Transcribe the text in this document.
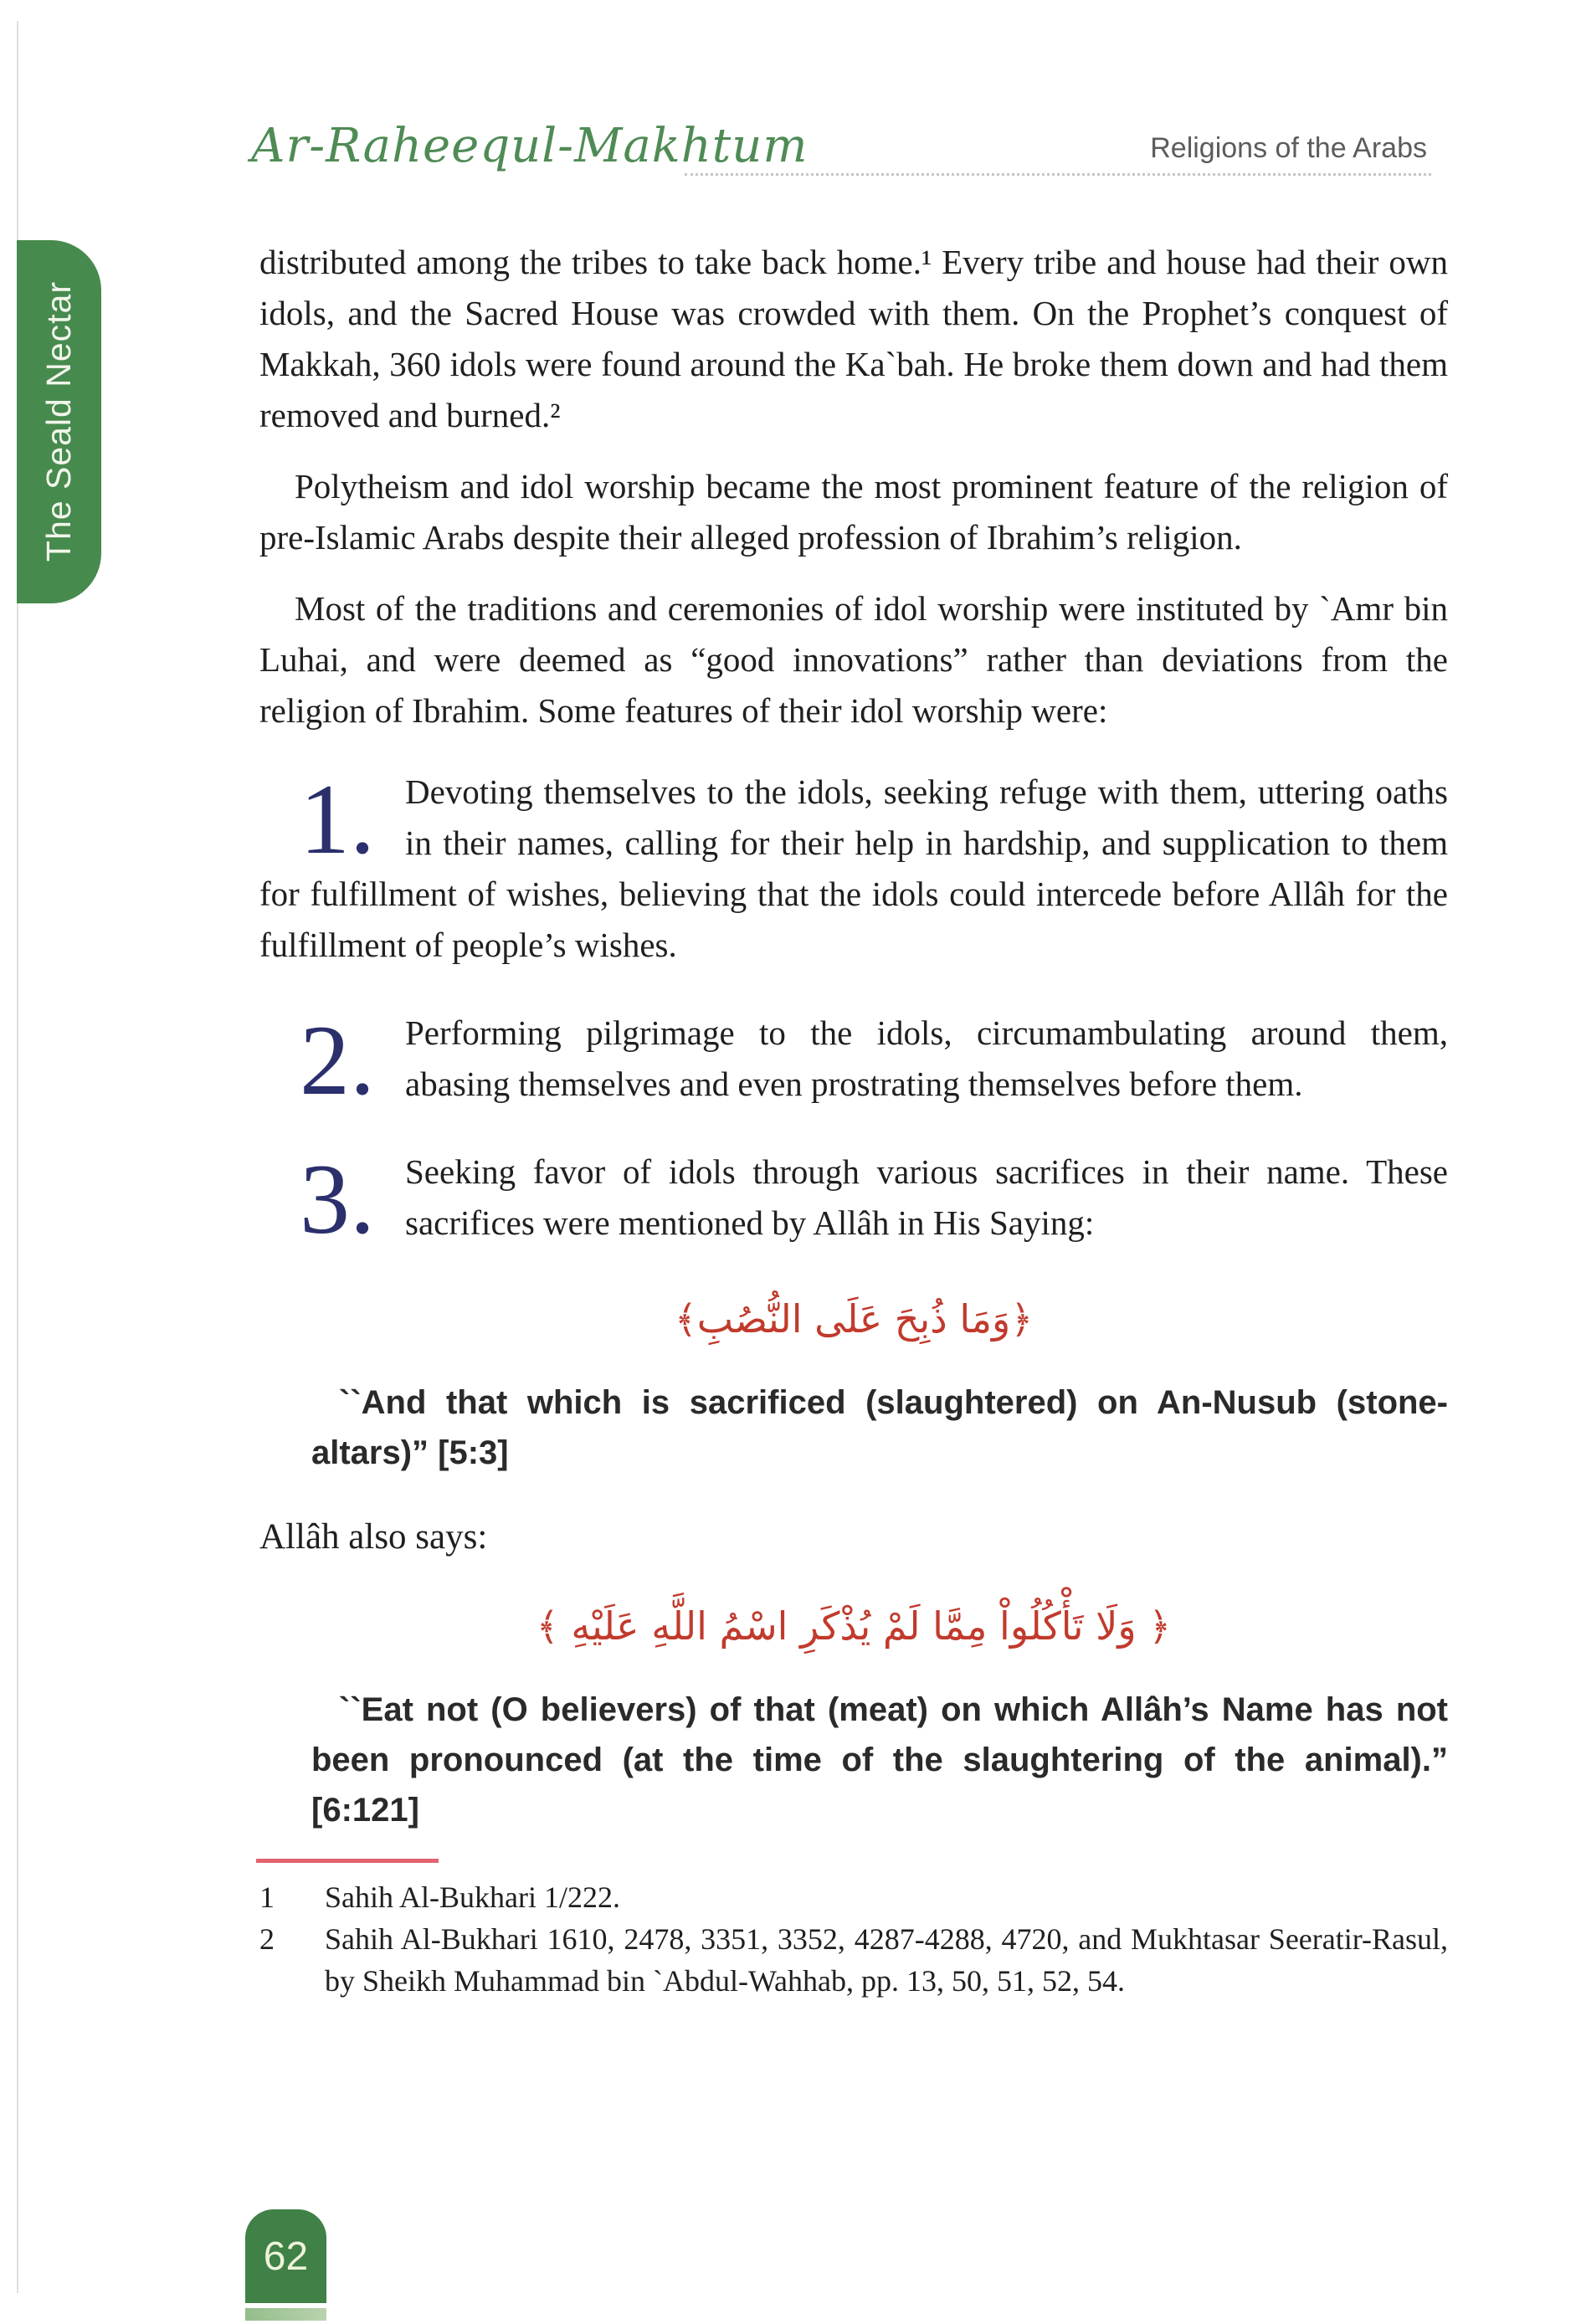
The Seald Nectar
Ar-Raheequl-Makhtum	Religions of the Arabs

distributed among the tribes to take back home.¹ Every tribe and house had their own idols, and the Sacred House was crowded with them. On the Prophet’s conquest of Makkah, 360 idols were found around the Ka`bah. He broke them down and had them removed and burned.²

Polytheism and idol worship became the most prominent feature of the religion of pre-Islamic Arabs despite their alleged profession of Ibrahim’s religion.

Most of the traditions and ceremonies of idol worship were instituted by `Amr bin Luhai, and were deemed as “good innovations” rather than deviations from the religion of Ibrahim. Some features of their idol worship were:

1. Devoting themselves to the idols, seeking refuge with them, uttering oaths in their names, calling for their help in hardship, and supplication to them for fulfillment of wishes, believing that the idols could intercede before Allâh for the fulfillment of people’s wishes.

2. Performing pilgrimage to the idols, circumambulating around them, abasing themselves and even prostrating themselves before them.

3. Seeking favor of idols through various sacrifices in their name. These sacrifices were mentioned by Allâh in His Saying:

﴿وَمَا ذُبِحَ عَلَى النُّصُبِ﴾

``And that which is sacrificed (slaughtered) on An-Nusub (stone-altars)” [5:3]

Allâh also says:

﴿ وَلَا تَأْكُلُواْ مِمَّا لَمْ يُذْكَرِ اسْمُ اللَّهِ عَلَيْهِ ﴾

``Eat not (O believers) of that (meat) on which Allâh’s Name has not been pronounced (at the time of the slaughtering of the animal).” [6:121]

1	Sahih Al-Bukhari 1/222.
2	Sahih Al-Bukhari 1610, 2478, 3351, 3352, 4287-4288, 4720, and Mukhtasar Seeratir-Rasul, by Sheikh Muhammad bin `Abdul-Wahhab, pp. 13, 50, 51, 52, 54.
62
